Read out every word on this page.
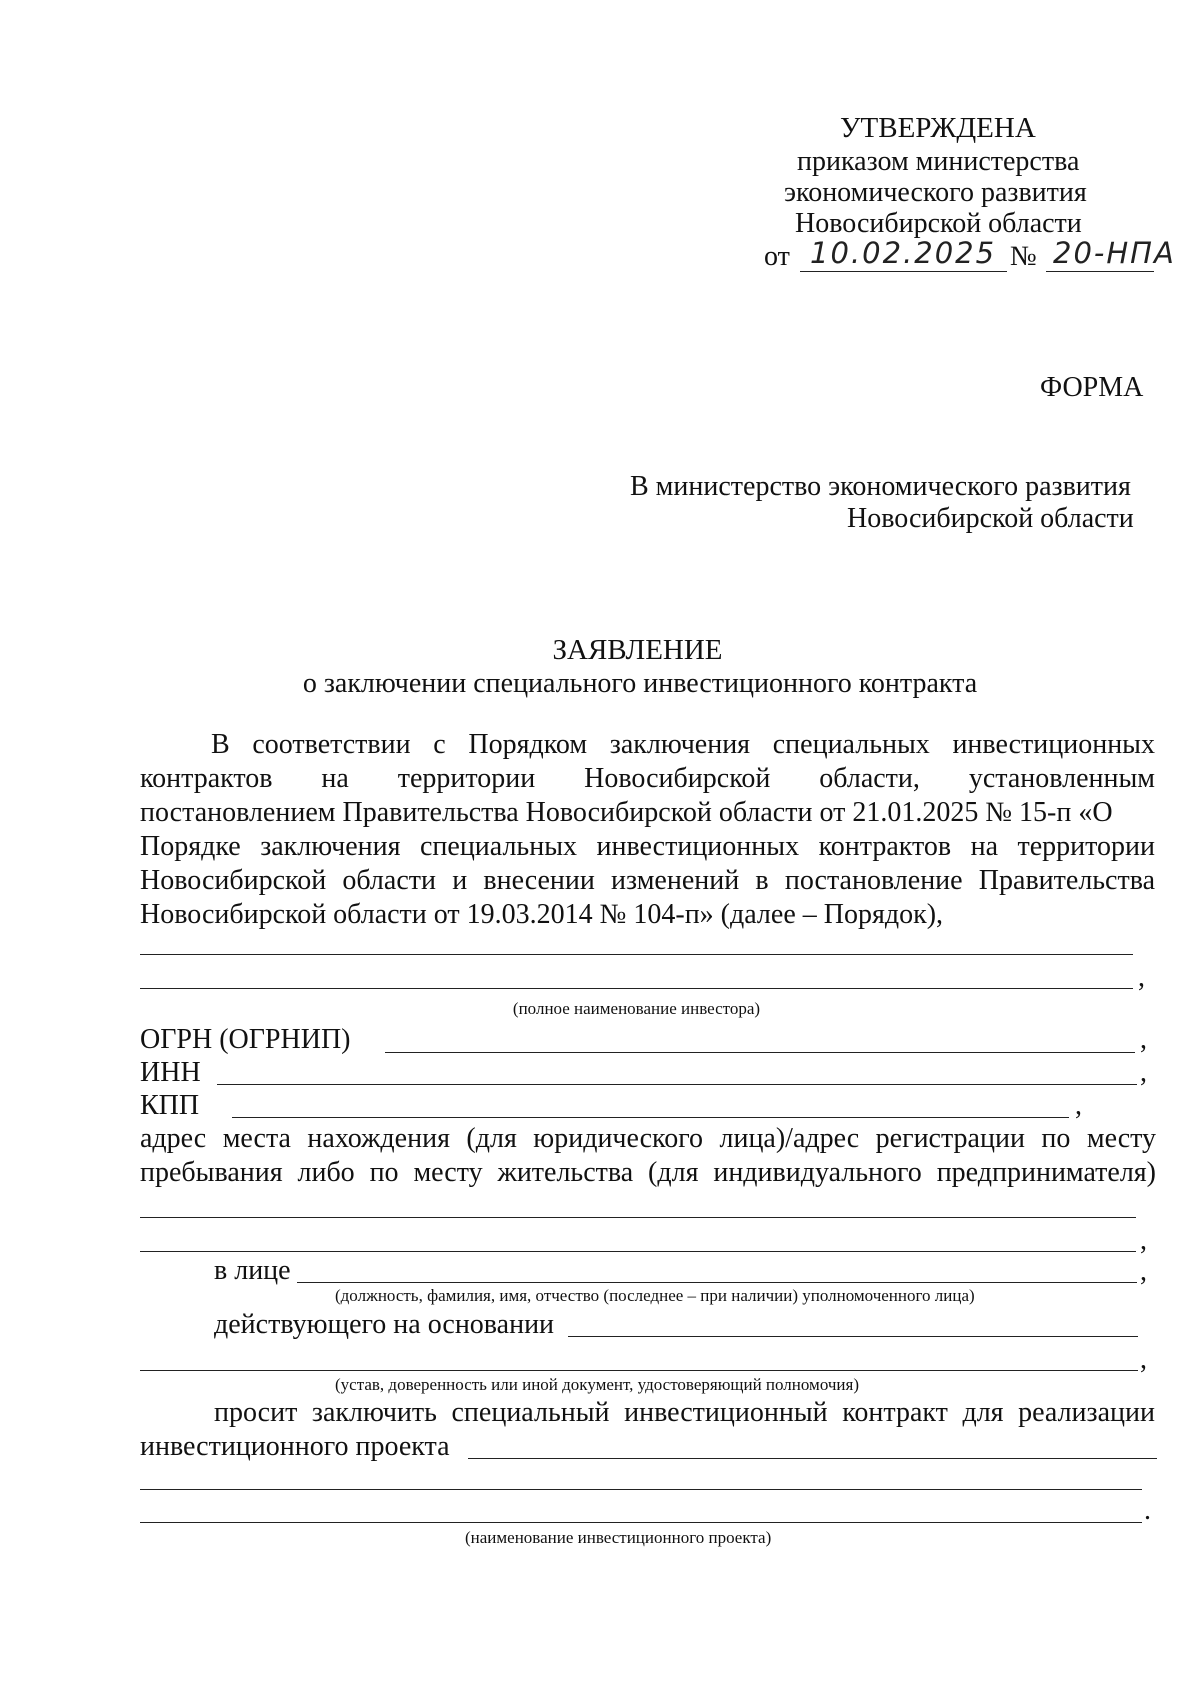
УТВЕРЖДЕНА
приказом министерства
экономического развития
Новосибирской области
от 10.02.2025 № 20-НПА
ФОРМА
В министерство экономического развития
Новосибирской области
ЗАЯВЛЕНИЕ
о заключении специального инвестиционного контракта
В соответствии с Порядком заключения специальных инвестиционных
контрактов на территории Новосибирской области, установленным
постановлением Правительства Новосибирской области от 21.01.2025 № 15-п «О
Порядке заключения специальных инвестиционных контрактов на территории
Новосибирской области и внесении изменений в постановление Правительства
Новосибирской области от 19.03.2014 № 104-п» (далее – Порядок),
,
(полное наименование инвестора)
ОГРН (ОГРНИП)	,
ИНН	,
КПП	,
адрес места нахождения (для юридического лица)/адрес регистрации по месту
пребывания либо по месту жительства (для индивидуального предпринимателя)
,
в лице	,
(должность, фамилия, имя, отчество (последнее – при наличии) уполномоченного лица)
действующего на основании
,
(устав, доверенность или иной документ, удостоверяющий полномочия)
просит заключить специальный инвестиционный контракт для реализации
инвестиционного проекта
.
(наименование инвестиционного проекта)
